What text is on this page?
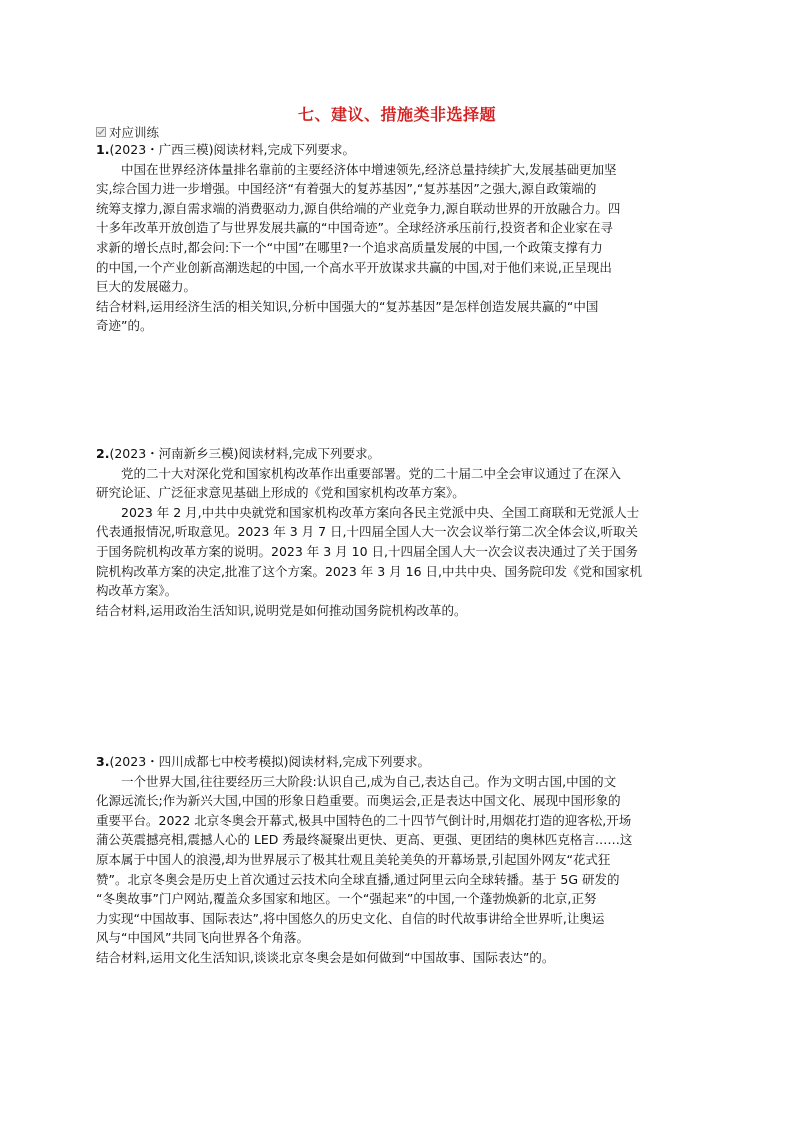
七、建议、措施类非选择题
对应训练
1.(2023・广西三模)阅读材料,完成下列要求。
中国在世界经济体量排名靠前的主要经济体中增速领先,经济总量持续扩大,发展基础更加坚
实,综合国力进一步增强。中国经济“有着强大的复苏基因”,“复苏基因”之强大,源自政策端的
统筹支撑力,源自需求端的消费驱动力,源自供给端的产业竞争力,源自联动世界的开放融合力。四
十多年改革开放创造了与世界发展共赢的“中国奇迹”。全球经济承压前行,投资者和企业家在寻
求新的增长点时,都会问:下一个“中国”在哪里?一个追求高质量发展的中国,一个政策支撑有力
的中国,一个产业创新高潮迭起的中国,一个高水平开放谋求共赢的中国,对于他们来说,正呈现出
巨大的发展磁力。
结合材料,运用经济生活的相关知识,分析中国强大的“复苏基因”是怎样创造发展共赢的“中国
奇迹”的。
2.(2023・河南新乡三模)阅读材料,完成下列要求。
党的二十大对深化党和国家机构改革作出重要部署。党的二十届二中全会审议通过了在深入
研究论证、广泛征求意见基础上形成的《党和国家机构改革方案》。
2023 年 2 月,中共中央就党和国家机构改革方案向各民主党派中央、全国工商联和无党派人士
代表通报情况,听取意见。2023 年 3 月 7 日,十四届全国人大一次会议举行第二次全体会议,听取关
于国务院机构改革方案的说明。2023 年 3 月 10 日,十四届全国人大一次会议表决通过了关于国务
院机构改革方案的决定,批准了这个方案。2023 年 3 月 16 日,中共中央、国务院印发《党和国家机
构改革方案》。
结合材料,运用政治生活知识,说明党是如何推动国务院机构改革的。
3.(2023・四川成都七中校考模拟)阅读材料,完成下列要求。
一个世界大国,往往要经历三大阶段:认识自己,成为自己,表达自己。作为文明古国,中国的文
化源远流长;作为新兴大国,中国的形象日趋重要。而奥运会,正是表达中国文化、展现中国形象的
重要平台。2022 北京冬奥会开幕式,极具中国特色的二十四节气倒计时,用烟花打造的迎客松,开场
蒲公英震撼亮相,震撼人心的 LED 秀最终凝聚出更快、更高、更强、更团结的奥林匹克格言……这
原本属于中国人的浪漫,却为世界展示了极其壮观且美轮美奂的开幕场景,引起国外网友“花式狂
赞”。北京冬奥会是历史上首次通过云技术向全球直播,通过阿里云向全球转播。基于 5G 研发的
“冬奥故事”门户网站,覆盖众多国家和地区。一个“强起来”的中国,一个蓬勃焕新的北京,正努
力实现“中国故事、国际表达”,将中国悠久的历史文化、自信的时代故事讲给全世界听,让奥运
风与“中国风”共同飞向世界各个角落。
结合材料,运用文化生活知识,谈谈北京冬奥会是如何做到“中国故事、国际表达”的。
